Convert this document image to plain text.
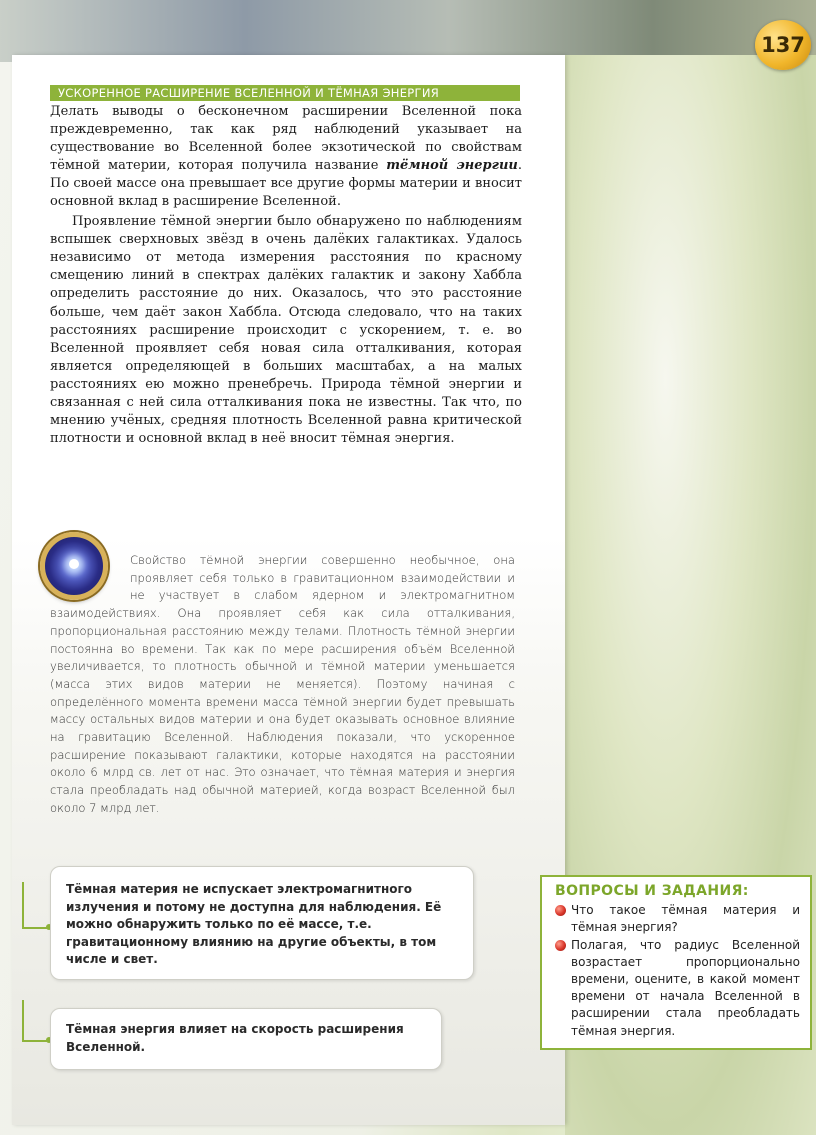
137
УСКОРЕННОЕ РАСШИРЕНИЕ ВСЕЛЕННОЙ И ТЁМНАЯ ЭНЕРГИЯ

Делать выводы о бесконечном расширении Вселенной пока преждевременно, так как ряд наблюдений указывает на существование во Вселенной более экзотической по свойствам тёмной материи, которая получила название тёмной энергии. По своей массе она превышает все другие формы материи и вносит основной вклад в расширение Вселенной.

Проявление тёмной энергии было обнаружено по наблюдениям вспышек сверхновых звёзд в очень далёких галактиках. Удалось независимо от метода измерения расстояния по красному смещению линий в спектрах далёких галактик и закону Хаббла определить расстояние до них. Оказалось, что это расстояние больше, чем даёт закон Хаббла. Отсюда следовало, что на таких расстояниях расширение происходит с ускорением, т. е. во Вселенной проявляет себя новая сила отталкивания, которая является определяющей в больших масштабах, а на малых расстояниях ею можно пренебречь. Природа тёмной энергии и связанная с ней сила отталкивания пока не известны. Так что, по мнению учёных, средняя плотность Вселенной равна критической плотности и основной вклад в неё вносит тёмная энергия.

Свойство тёмной энергии совершенно необычное, она проявляет себя только в гравитационном взаимодействии и не участвует в слабом ядерном и электромагнитном взаимодействиях. Она проявляет себя как сила отталкивания, пропорциональная расстоянию между телами. Плотность тёмной энергии постоянна во времени. Так как по мере расширения объём Вселенной увеличивается, то плотность обычной и тёмной материи уменьшается (масса этих видов материи не меняется). Поэтому начиная с определённого момента времени масса тёмной энергии будет превышать массу остальных видов материи и она будет оказывать основное влияние на гравитацию Вселенной. Наблюдения показали, что ускоренное расширение показывают галактики, которые находятся на расстоянии около 6 млрд св. лет от нас. Это означает, что тёмная материя и энергия стала преобладать над обычной материей, когда возраст Вселенной был около 7 млрд лет.
Тёмная материя не испускает электромагнитного излучения и потому не доступна для наблюдения. Её можно обнаружить только по её массе, т.е. гравитационному влиянию на другие объекты, в том числе и свет.
Тёмная энергия влияет на скорость расширения Вселенной.
ВОПРОСЫ И ЗАДАНИЯ:
Что такое тёмная материя и тёмная энергия?
Полагая, что радиус Вселенной возрастает пропорционально времени, оцените, в какой момент времени от начала Вселенной в расширении стала преобладать тёмная энергия.
